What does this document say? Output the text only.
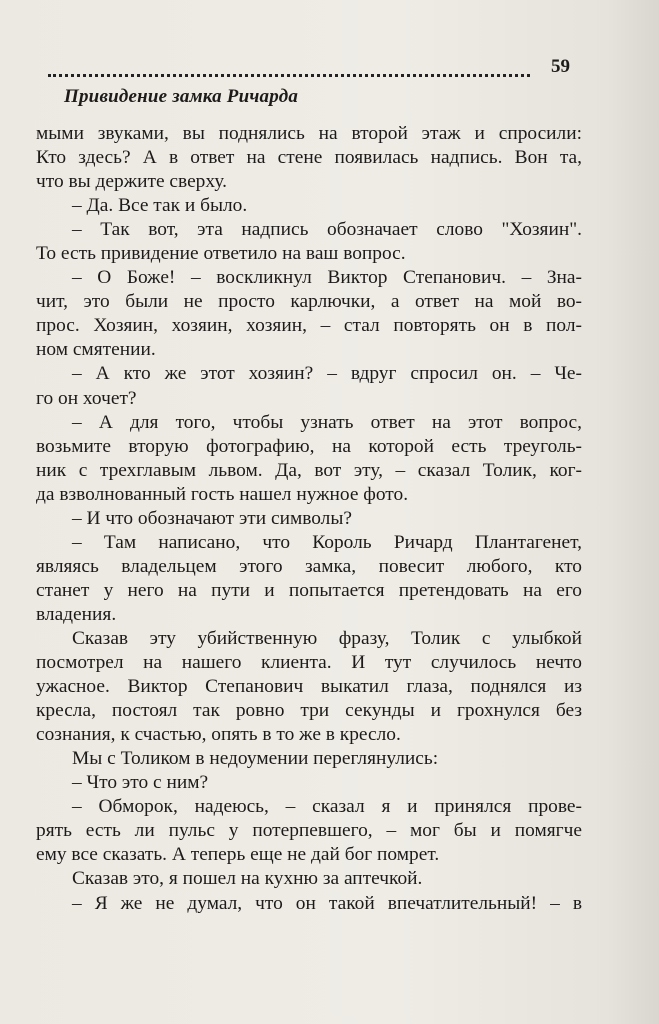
59
Привидение замка Ричарда
мыми звуками, вы поднялись на второй этаж и спросили:
Кто здесь? А в ответ на стене появилась надпись. Вон та,
что вы держите сверху.
– Да. Все так и было.
– Так вот, эта надпись обозначает слово "Хозяин".
То есть привидение ответило на ваш вопрос.
– О Боже! – воскликнул Виктор Степанович. – Зна-
чит, это были не просто карлючки, а ответ на мой во-
прос. Хозяин, хозяин, хозяин, – стал повторять он в пол-
ном смятении.
– А кто же этот хозяин? – вдруг спросил он. – Че-
го он хочет?
– А для того, чтобы узнать ответ на этот вопрос,
возьмите вторую фотографию, на которой есть треуголь-
ник с трехглавым львом. Да, вот эту, – сказал Толик, ког-
да взволнованный гость нашел нужное фото.
– И что обозначают эти символы?
– Там написано, что Король Ричард Плантагенет,
являясь владельцем этого замка, повесит любого, кто
станет у него на пути и попытается претендовать на его
владения.
Сказав эту убийственную фразу, Толик с улыбкой
посмотрел на нашего клиента. И тут случилось нечто
ужасное. Виктор Степанович выкатил глаза, поднялся из
кресла, постоял так ровно три секунды и грохнулся без
сознания, к счастью, опять в то же в кресло.
Мы с Толиком в недоумении переглянулись:
– Что это с ним?
– Обморок, надеюсь, – сказал я и принялся прове-
рять есть ли пульс у потерпевшего, – мог бы и помягче
ему все сказать. А теперь еще не дай бог помрет.
Сказав это, я пошел на кухню за аптечкой.
– Я же не думал, что он такой впечатлительный! – в
